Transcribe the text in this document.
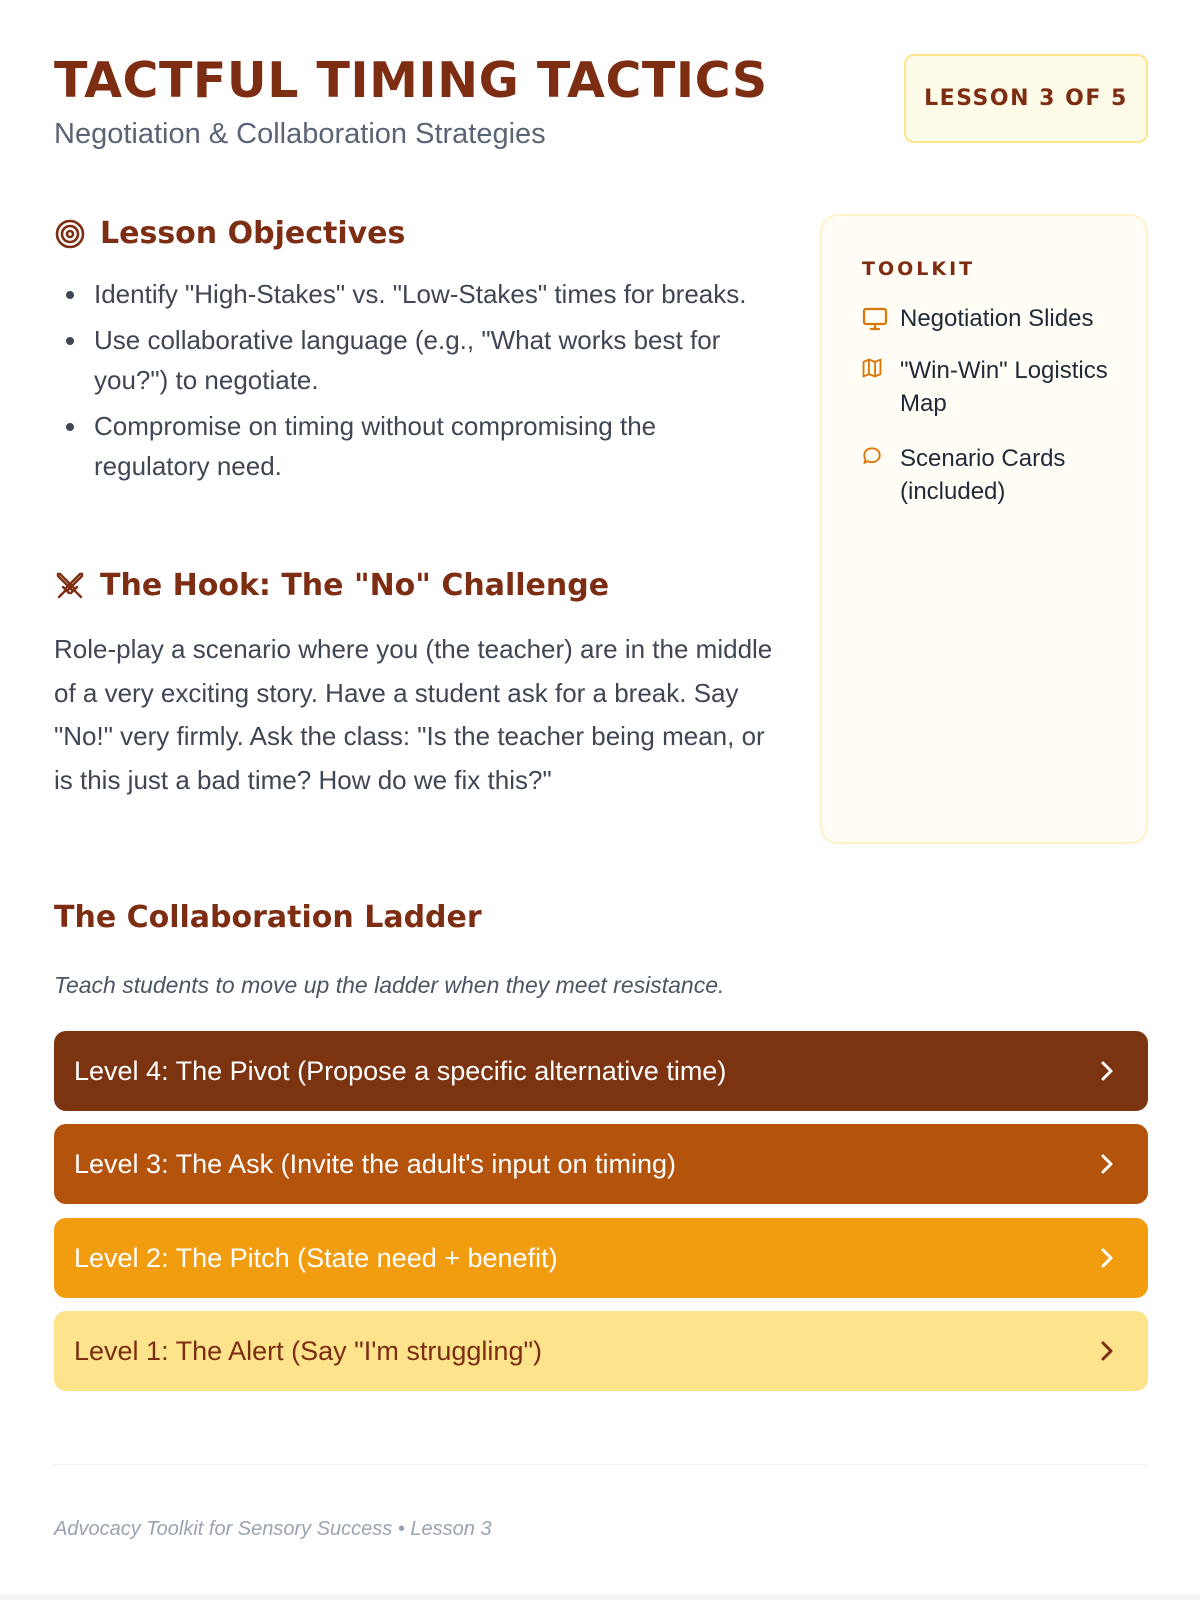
TACTFUL TIMING TACTICS
Negotiation & Collaboration Strategies
LESSON 3 OF 5
Lesson Objectives
Identify "High-Stakes" vs. "Low-Stakes" times for breaks.
Use collaborative language (e.g., "What works best for you?") to negotiate.
Compromise on timing without compromising the regulatory need.
The Hook: The "No" Challenge

Role-play a scenario where you (the teacher) are in the middle of a very exciting story. Have a student ask for a break. Say "No!" very firmly. Ask the class: "Is the teacher being mean, or is this just a bad time? How do we fix this?"

TOOLKIT
Negotiation Slides
"Win-Win" Logistics Map
Scenario Cards (included)
The Collaboration Ladder
Teach students to move up the ladder when they meet resistance.
Level 4: The Pivot (Propose a specific alternative time)
Level 3: The Ask (Invite the adult's input on timing)
Level 2: The Pitch (State need + benefit)
Level 1: The Alert (Say "I'm struggling")
Advocacy Toolkit for Sensory Success • Lesson 3
